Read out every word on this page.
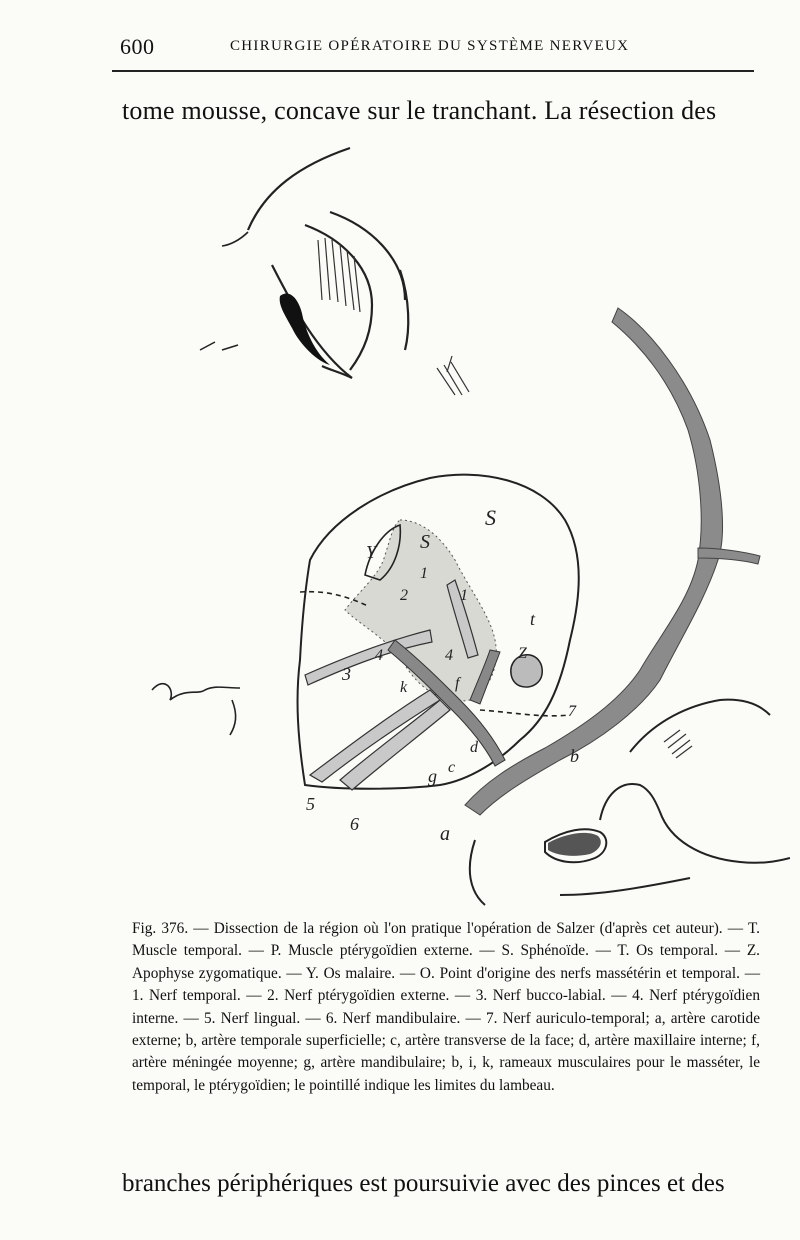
600	CHIRURGIE OPÉRATOIRE DU SYSTÈME NERVEUX
tome mousse, concave sur le tranchant. La résection des
S
S
Y
t
Z
1
2	1
3
4	4
k	f
7
d	b
g c
5
6	a
Fig. 376. — Dissection de la région où l'on pratique l'opération de Salzer (d'après cet auteur). — T. Muscle temporal. — P. Muscle ptérygoïdien externe. — S. Sphénoïde. — T. Os temporal. — Z. Apophyse zygomatique. — Y. Os malaire. — O. Point d'origine des nerfs massétérin et temporal. — 1. Nerf temporal. — 2. Nerf ptérygoïdien externe. — 3. Nerf bucco-labial. — 4. Nerf ptérygoïdien interne. — 5. Nerf lingual. — 6. Nerf mandibulaire. — 7. Nerf auriculo-temporal; a, artère carotide externe; b, artère temporale superficielle; c, artère transverse de la face; d, artère maxillaire interne; f, artère méningée moyenne; g, artère mandibulaire; b, i, k, rameaux musculaires pour le masséter, le temporal, le ptérygoïdien; le pointillé indique les limites du lambeau.
branches périphériques est poursuivie avec des pinces et des
